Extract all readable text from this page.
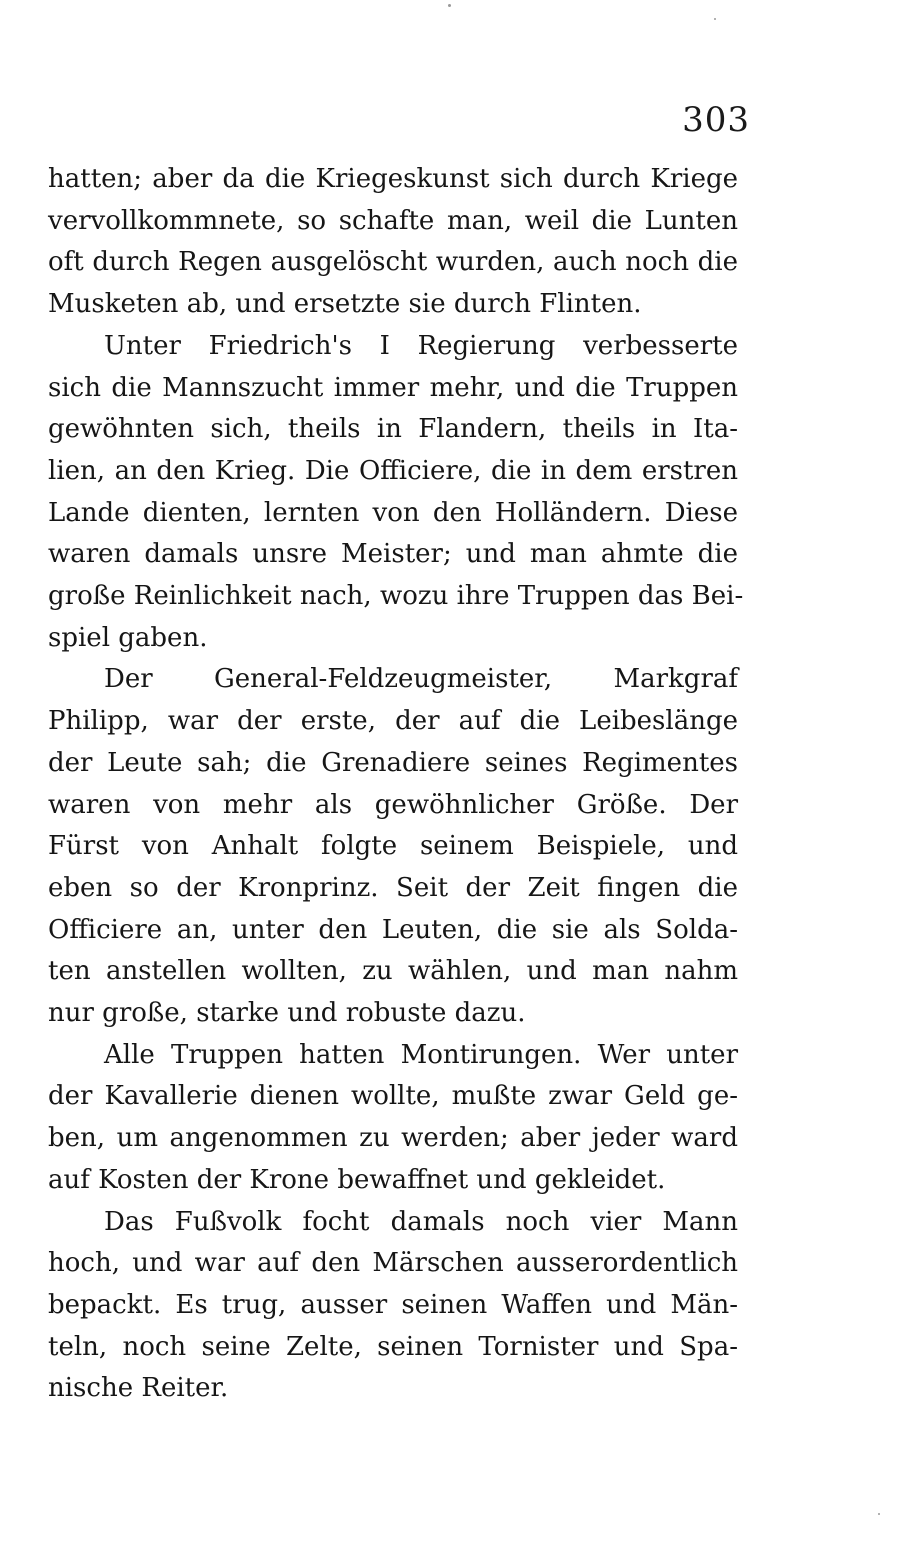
303
hatten; aber da die Kriegeskunst sich durch Kriege
vervollkommnete, so schafte man, weil die Lunten
oft durch Regen ausgelöscht wurden, auch noch die
Musketen ab, und ersetzte sie durch Flinten.
Unter Friedrich's I Regierung verbesserte
sich die Mannszucht immer mehr, und die Truppen
gewöhnten sich, theils in Flandern, theils in Ita-
lien, an den Krieg. Die Officiere, die in dem erstren
Lande dienten, lernten von den Holländern. Diese
waren damals unsre Meister; und man ahmte die
große Reinlichkeit nach, wozu ihre Truppen das Bei-
spiel gaben.
Der General-Feldzeugmeister, Markgraf
Philipp, war der erste, der auf die Leibeslänge
der Leute sah; die Grenadiere seines Regimentes
waren von mehr als gewöhnlicher Größe. Der
Fürst von Anhalt folgte seinem Beispiele, und
eben so der Kronprinz. Seit der Zeit fingen die
Officiere an, unter den Leuten, die sie als Solda-
ten anstellen wollten, zu wählen, und man nahm
nur große, starke und robuste dazu.
Alle Truppen hatten Montirungen. Wer unter
der Kavallerie dienen wollte, mußte zwar Geld ge-
ben, um angenommen zu werden; aber jeder ward
auf Kosten der Krone bewaffnet und gekleidet.
Das Fußvolk focht damals noch vier Mann
hoch, und war auf den Märschen ausserordentlich
bepackt. Es trug, ausser seinen Waffen und Män-
teln, noch seine Zelte, seinen Tornister und Spa-
nische Reiter.
